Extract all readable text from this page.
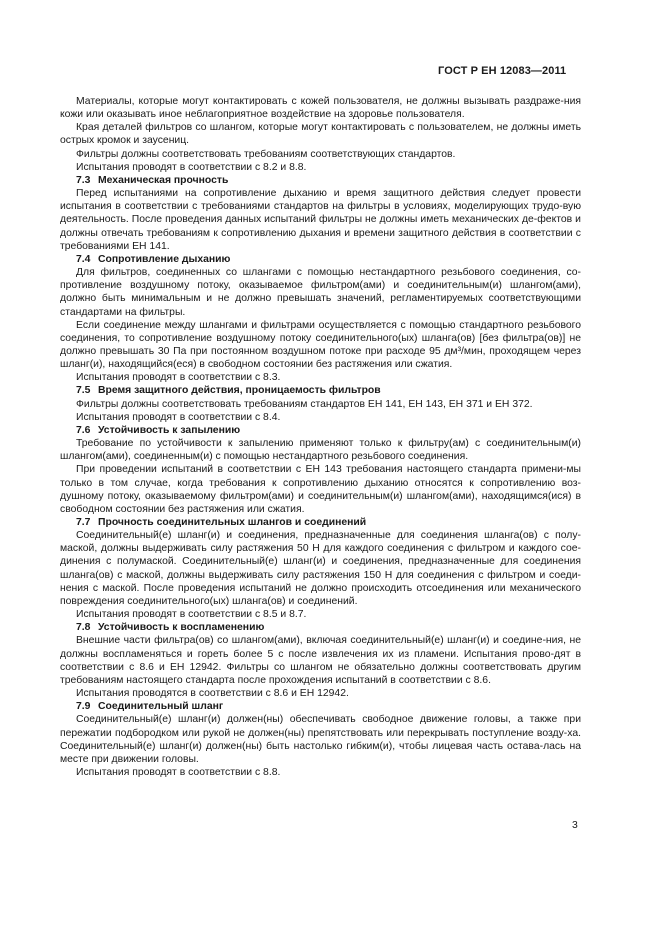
ГОСТ Р ЕН 12083—2011
Материалы, которые могут контактировать с кожей пользователя, не должны вызывать раздраже-ния кожи или оказывать иное неблагоприятное воздействие на здоровье пользователя.
Края деталей фильтров со шлангом, которые могут контактировать с пользователем, не должны иметь острых кромок и заусениц.
Фильтры должны соответствовать требованиям соответствующих стандартов.
Испытания проводят в соответствии с 8.2 и 8.8.
7.3 Механическая прочность
Перед испытаниями на сопротивление дыханию и время защитного действия следует провести испытания в соответствии с требованиями стандартов на фильтры в условиях, моделирующих трудо-вую деятельность. После проведения данных испытаний фильтры не должны иметь механических де-фектов и должны отвечать требованиям к сопротивлению дыхания и времени защитного действия в соответствии с требованиями ЕН 141.
7.4 Сопротивление дыханию
Для фильтров, соединенных со шлангами с помощью нестандартного резьбового соединения, со-противление воздушному потоку, оказываемое фильтром(ами) и соединительным(и) шлангом(ами), должно быть минимальным и не должно превышать значений, регламентируемых соответствующими стандартами на фильтры.
Если соединение между шлангами и фильтрами осуществляется с помощью стандартного резьбового соединения, то сопротивление воздушному потоку соединительного(ых) шланга(ов) [без фильтра(ов)] не должно превышать 30 Па при постоянном воздушном потоке при расходе 95 дм³/мин, проходящем через шланг(и), находящийся(еся) в свободном состоянии без растяжения или сжатия.
Испытания проводят в соответствии с 8.3.
7.5 Время защитного действия, проницаемость фильтров
Фильтры должны соответствовать требованиям стандартов ЕН 141, ЕН 143, ЕН 371 и ЕН 372.
Испытания проводят в соответствии с 8.4.
7.6 Устойчивость к запылению
Требование по устойчивости к запылению применяют только к фильтру(ам) с соединительным(и) шлангом(ами), соединенным(и) с помощью нестандартного резьбового соединения.
При проведении испытаний в соответствии с ЕН 143 требования настоящего стандарта примени-мы только в том случае, когда требования к сопротивлению дыханию относятся к сопротивлению воз-душному потоку, оказываемому фильтром(ами) и соединительным(и) шлангом(ами), находящимся(ися) в свободном состоянии без растяжения или сжатия.
7.7 Прочность соединительных шлангов и соединений
Соединительный(е) шланг(и) и соединения, предназначенные для соединения шланга(ов) с полу-маской, должны выдерживать силу растяжения 50 Н для каждого соединения с фильтром и каждого сое-динения с полумаской. Соединительный(е) шланг(и) и соединения, предназначенные для соединения шланга(ов) с маской, должны выдерживать силу растяжения 150 Н для соединения с фильтром и соеди-нения с маской. После проведения испытаний не должно происходить отсоединения или механического повреждения соединительного(ых) шланга(ов) и соединений.
Испытания проводят в соответствии с 8.5 и 8.7.
7.8 Устойчивость к воспламенению
Внешние части фильтра(ов) со шлангом(ами), включая соединительный(е) шланг(и) и соедине-ния, не должны воспламеняться и гореть более 5 с после извлечения их из пламени. Испытания прово-дят в соответствии с 8.6 и ЕН 12942. Фильтры со шлангом не обязательно должны соответствовать другим требованиям настоящего стандарта после прохождения испытаний в соответствии с 8.6.
Испытания проводятся в соответствии с 8.6 и ЕН 12942.
7.9 Соединительный шланг
Соединительный(е) шланг(и) должен(ны) обеспечивать свободное движение головы, а также при пережатии подбородком или рукой не должен(ны) препятствовать или перекрывать поступление возду-ха. Соединительный(е) шланг(и) должен(ны) быть настолько гибким(и), чтобы лицевая часть остава-лась на месте при движении головы.
Испытания проводят в соответствии с 8.8.
3
